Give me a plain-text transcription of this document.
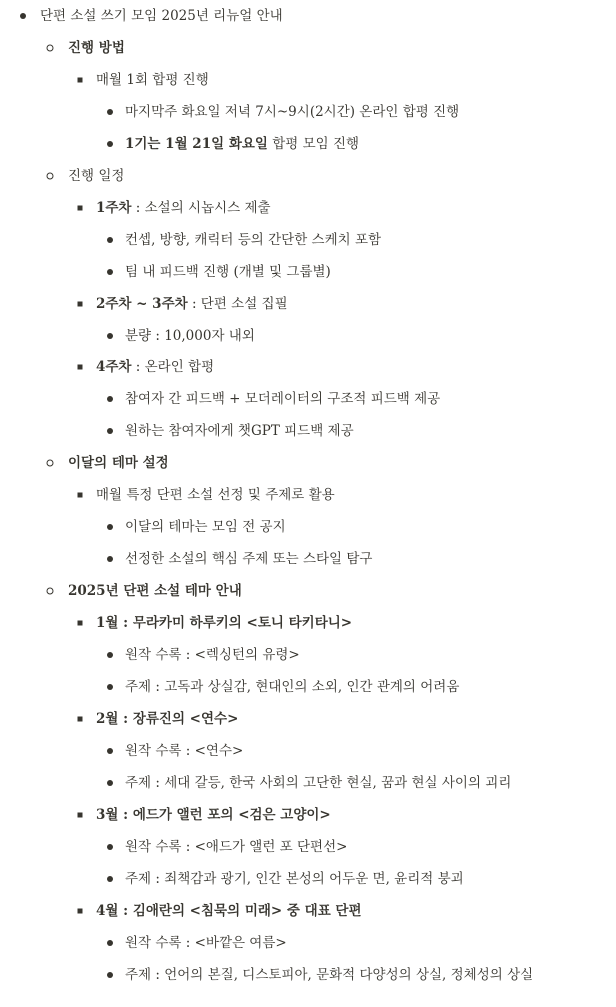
단편 소설 쓰기 모임 2025년 리뉴얼 안내
진행 방법
매월 1회 합평 진행
마지막주 화요일 저녁 7시~9시(2시간) 온라인 합평 진행
1기는 1월 21일 화요일 합평 모임 진행
진행 일정
1주차 : 소설의 시놉시스 제출
컨셉, 방향, 캐릭터 등의 간단한 스케치 포함
팀 내 피드백 진행 (개별 및 그룹별)
2주차 ~ 3주차 : 단편 소설 집필
분량 : 10,000자 내외
4주차 : 온라인 합평
참여자 간 피드백 + 모더레이터의 구조적 피드백 제공
원하는 참여자에게 챗GPT 피드백 제공
이달의 테마 설정
매월 특정 단편 소설 선정 및 주제로 활용
이달의 테마는 모임 전 공지
선정한 소설의 핵심 주제 또는 스타일 탐구
2025년 단편 소설 테마 안내
1월 : 무라카미 하루키의 <토니 타키타니>
원작 수록 : <렉싱턴의 유령>
주제 : 고독과 상실감, 현대인의 소외, 인간 관계의 어려움
2월 : 장류진의 <연수>
원작 수록 : <연수>
주제 : 세대 갈등, 한국 사회의 고단한 현실, 꿈과 현실 사이의 괴리
3월 : 에드가 앨런 포의 <검은 고양이>
원작 수록 : <애드가 앨런 포 단편선>
주제 : 죄책감과 광기, 인간 본성의 어두운 면, 윤리적 붕괴
4월 : 김애란의 <침묵의 미래> 중 대표 단편
원작 수록 : <바깥은 여름>
주제 : 언어의 본질, 디스토피아, 문화적 다양성의 상실, 정체성의 상실
